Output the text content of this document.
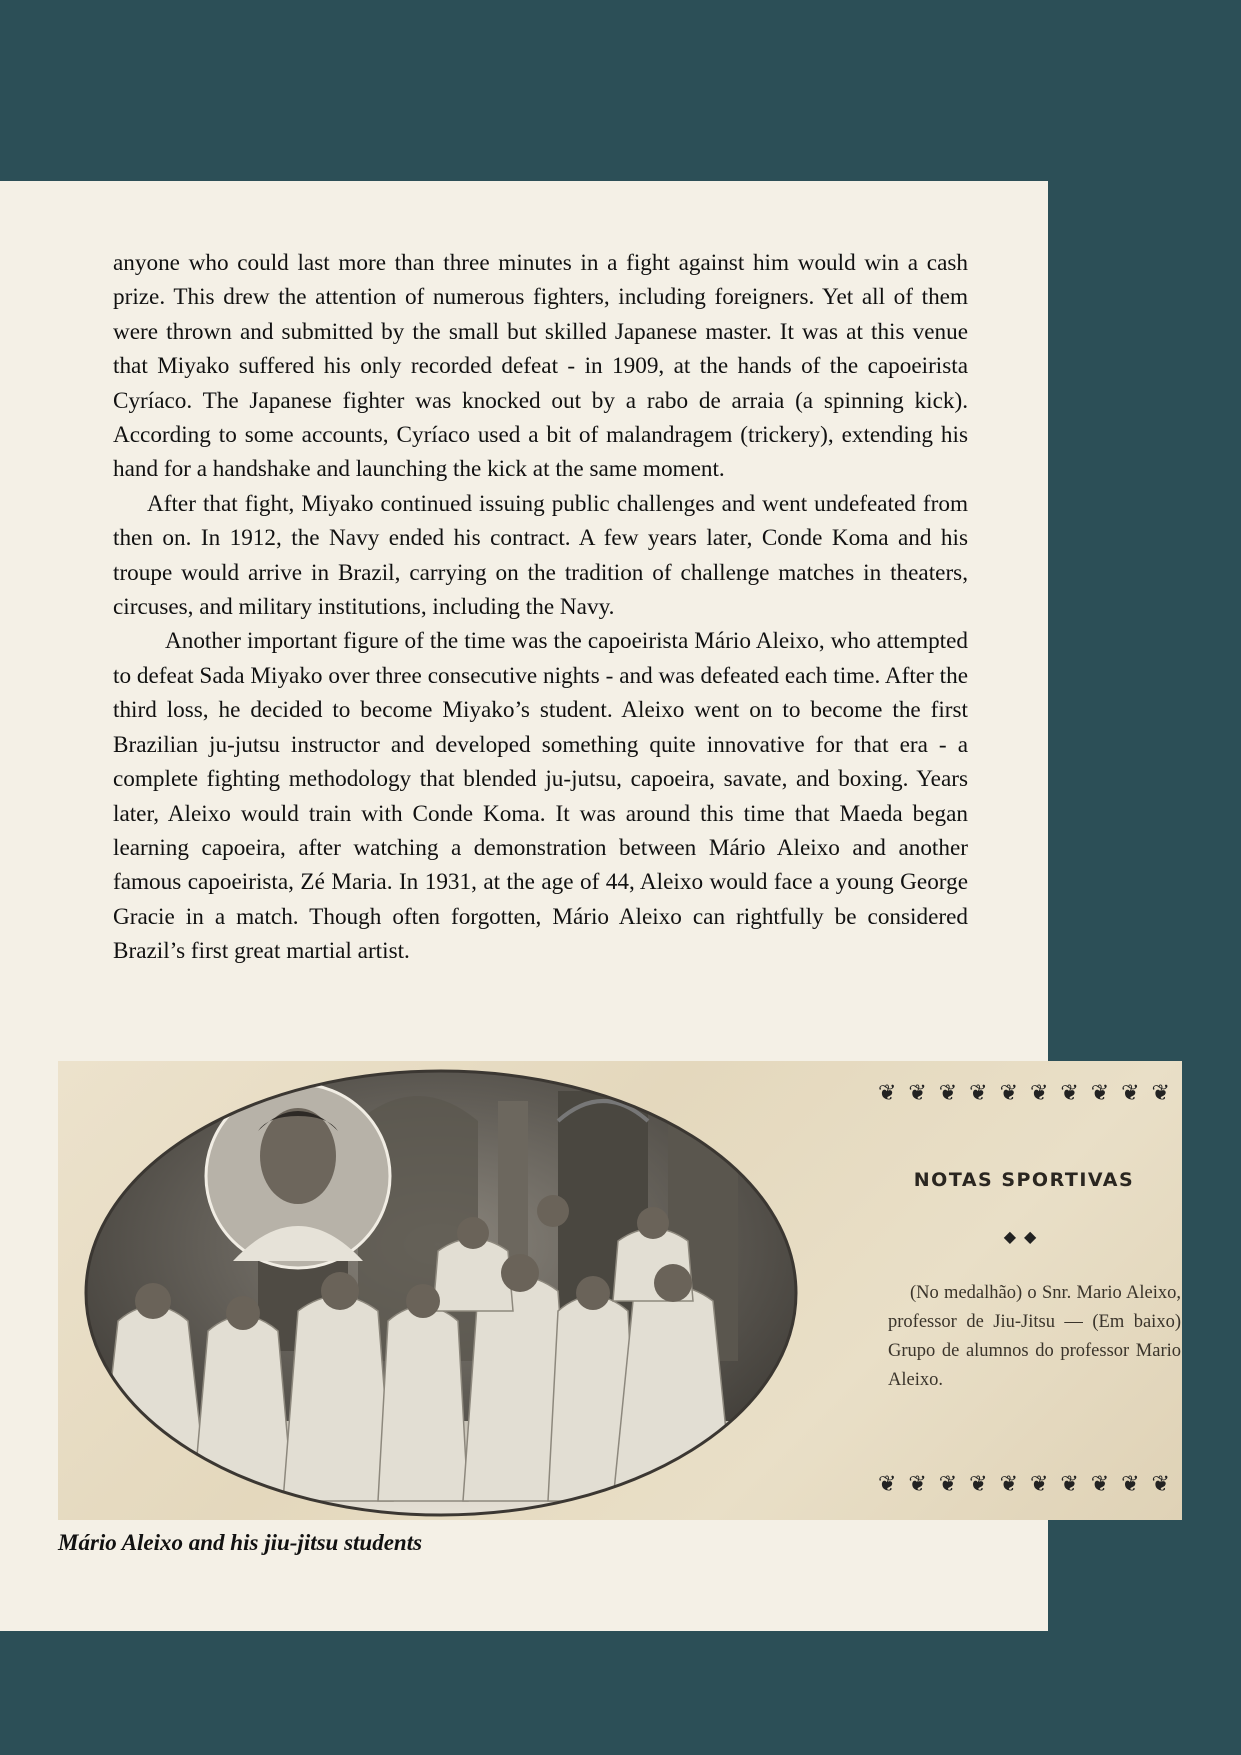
anyone who could last more than three minutes in a fight against him would win a cash prize. This drew the attention of numerous fighters, including foreigners. Yet all of them were thrown and submitted by the small but skilled Japanese master. It was at this venue that Miyako suffered his only recorded defeat - in 1909, at the hands of the capoeirista Cyríaco. The Japanese fighter was knocked out by a rabo de arraia (a spinning kick). According to some accounts, Cyríaco used a bit of malandragem (trickery), extending his hand for a handshake and launching the kick at the same moment.

After that fight, Miyako continued issuing public challenges and went undefeated from then on. In 1912, the Navy ended his contract. A few years later, Conde Koma and his troupe would arrive in Brazil, carrying on the tradition of challenge matches in theaters, circuses, and military institutions, including the Navy.

Another important figure of the time was the capoeirista Mário Aleixo, who attempted to defeat Sada Miyako over three consecutive nights - and was defeated each time. After the third loss, he decided to become Miyako’s student. Aleixo went on to become the first Brazilian ju-jutsu instructor and developed something quite innovative for that era - a complete fighting methodology that blended ju-jutsu, capoeira, savate, and boxing. Years later, Aleixo would train with Conde Koma. It was around this time that Maeda began learning capoeira, after watching a demonstration between Mário Aleixo and another famous capoeirista, Zé Maria. In 1931, at the age of 44, Aleixo would face a young George Gracie in a match. Though often forgotten, Mário Aleixo can rightfully be considered Brazil’s first great martial artist.

❦ ❦ ❦ ❦ ❦ ❦ ❦ ❦ ❦ ❦
NOTAS SPORTIVAS
◆◆
(No medalhão) o Snr. Mario Aleixo, professor de Jiu-Jitsu — (Em baixo) Grupo de alumnos do professor Mario Aleixo.
❦ ❦ ❦ ❦ ❦ ❦ ❦ ❦ ❦ ❦
Mário Aleixo and his jiu-jitsu students
